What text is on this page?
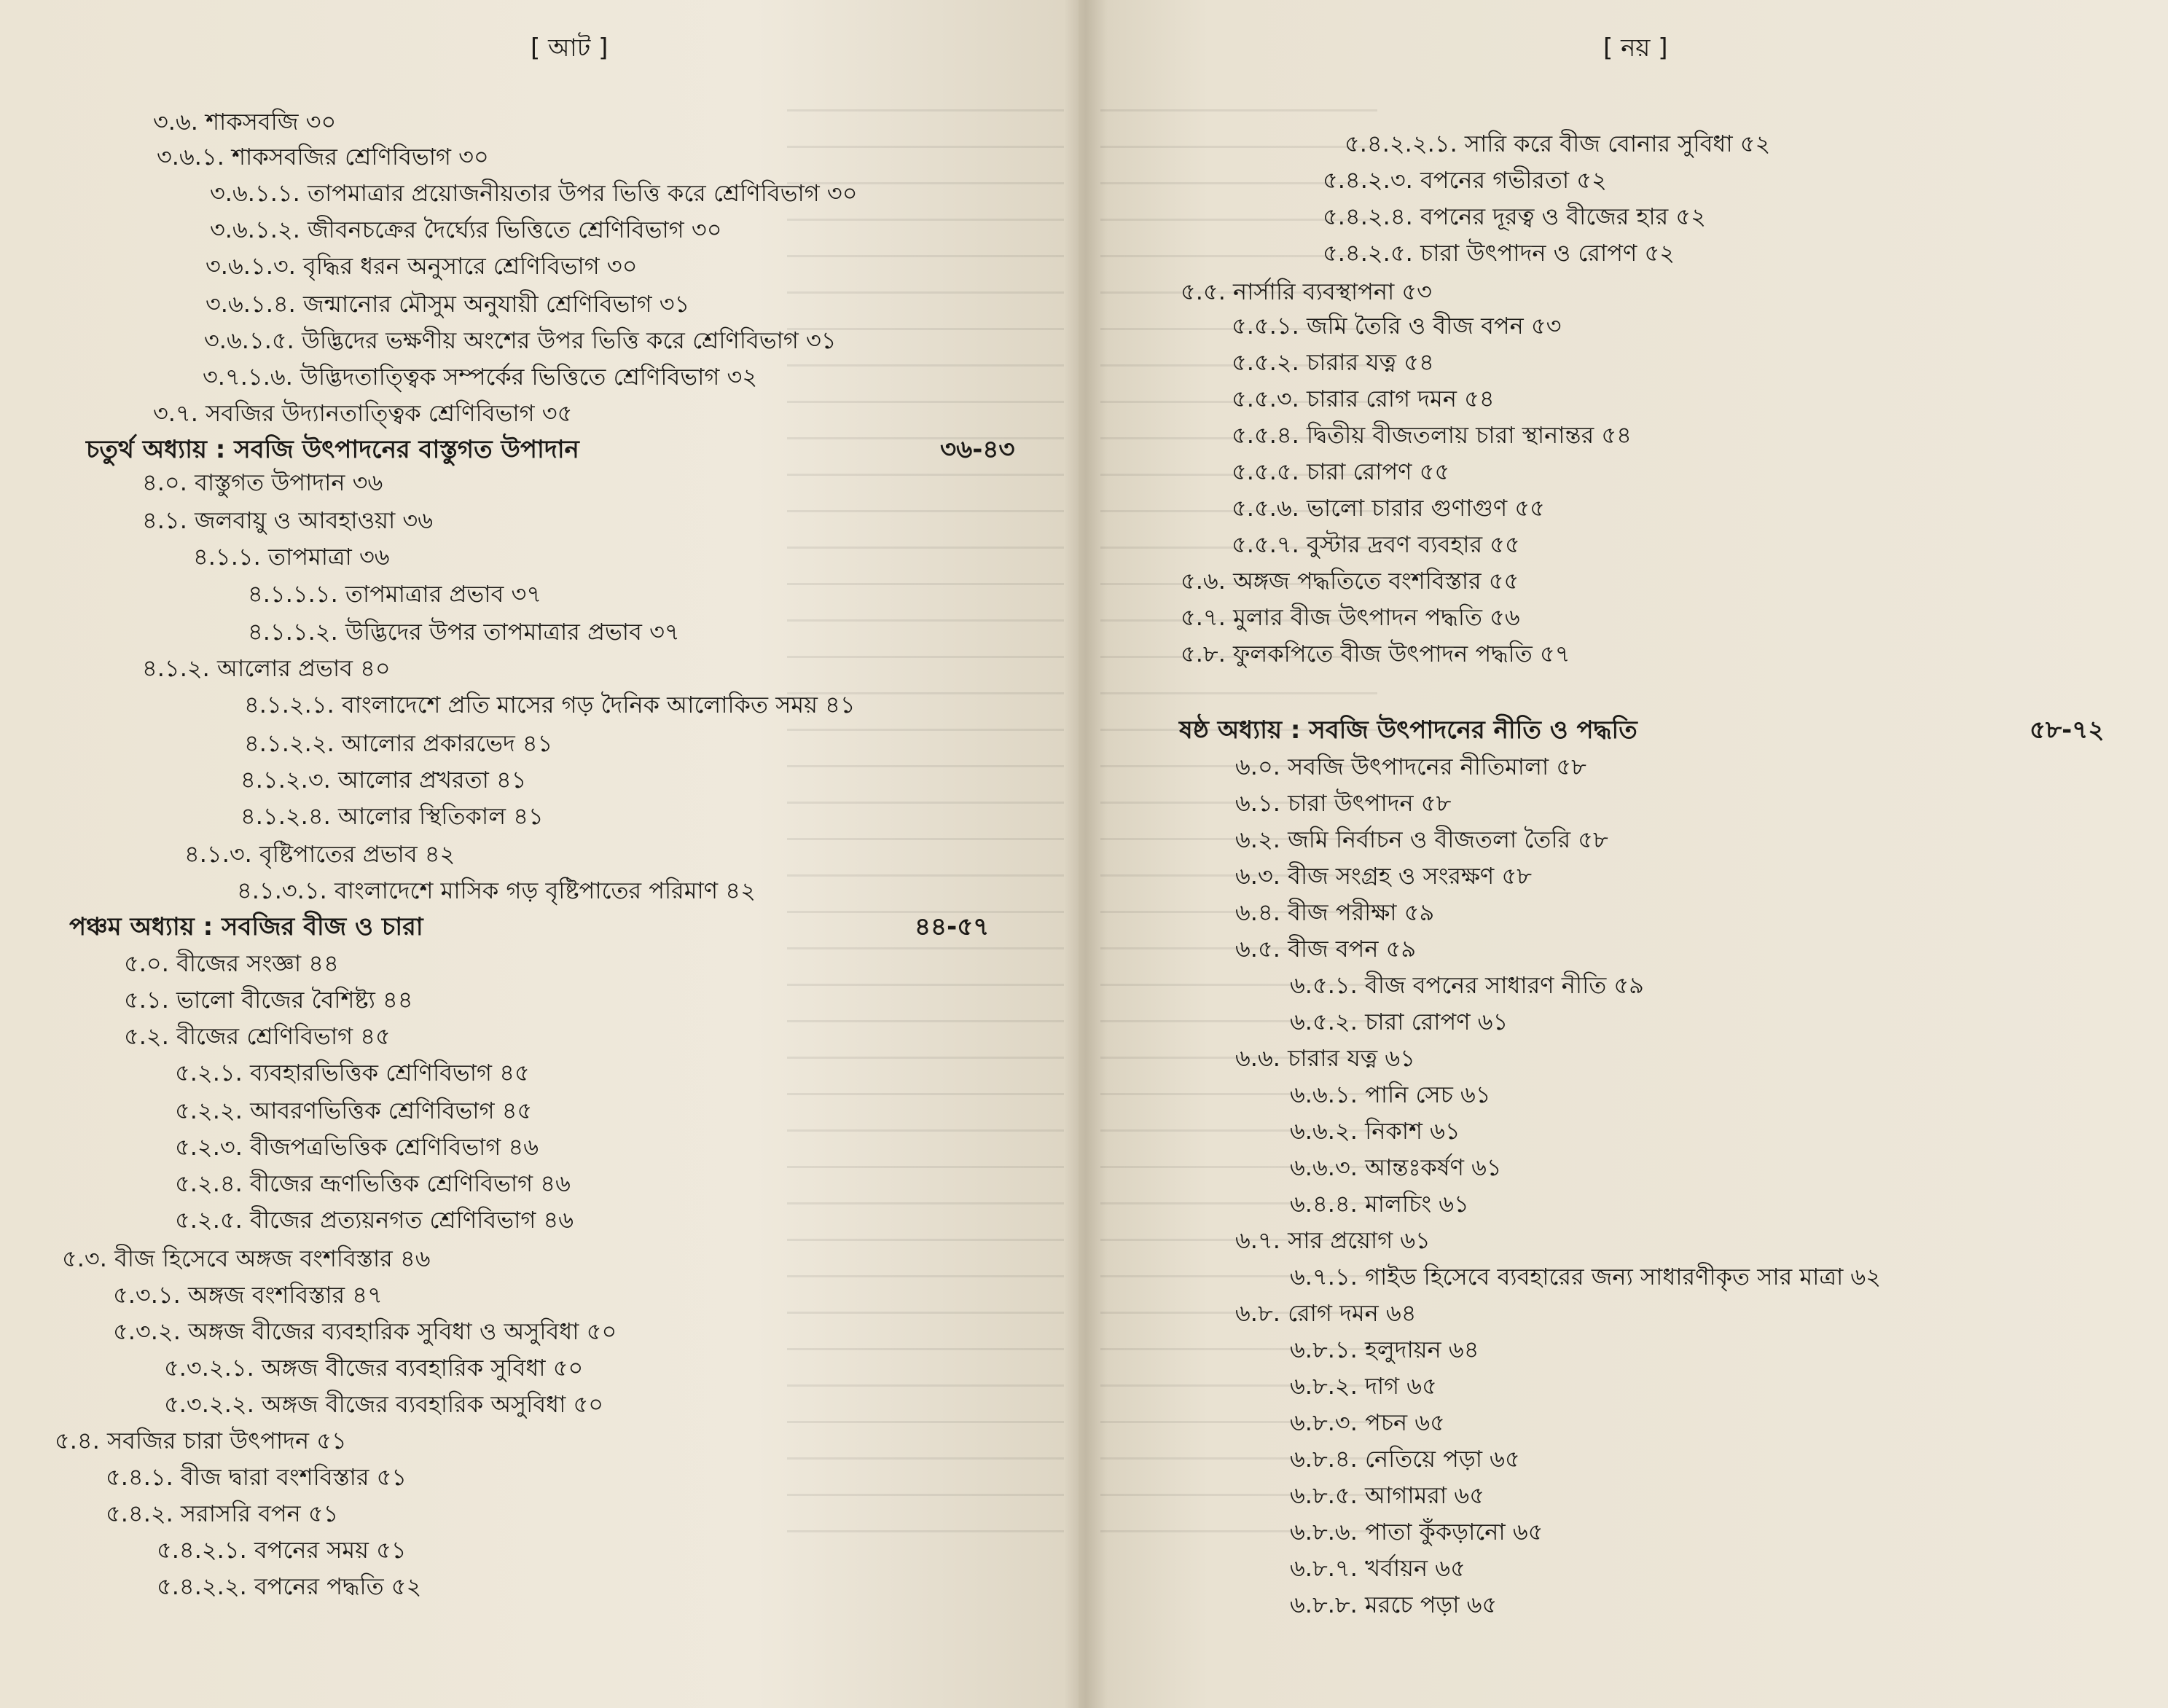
[ আট ]
৩.৬. শাকসবজি ৩০
৩.৬.১. শাকসবজির শ্রেণিবিভাগ ৩০
৩.৬.১.১. তাপমাত্রার প্রয়োজনীয়তার উপর ভিত্তি করে শ্রেণিবিভাগ ৩০
৩.৬.১.২. জীবনচক্রের দৈর্ঘ্যের ভিত্তিতে শ্রেণিবিভাগ ৩০
৩.৬.১.৩. বৃদ্ধির ধরন অনুসারে শ্রেণিবিভাগ ৩০
৩.৬.১.৪. জন্মানোর মৌসুম অনুযায়ী শ্রেণিবিভাগ ৩১
৩.৬.১.৫. উদ্ভিদের ভক্ষণীয় অংশের উপর ভিত্তি করে শ্রেণিবিভাগ ৩১
৩.৭.১.৬. উদ্ভিদতাত্ত্বিক সম্পর্কের ভিত্তিতে শ্রেণিবিভাগ ৩২
৩.৭. সবজির উদ্যানতাত্ত্বিক শ্রেণিবিভাগ ৩৫
চতুর্থ অধ্যায় : সবজি উৎপাদনের বাস্তুগত উপাদান	৩৬-৪৩
৪.০. বাস্তুগত উপাদান ৩৬
৪.১. জলবায়ু ও আবহাওয়া ৩৬
৪.১.১. তাপমাত্রা ৩৬
৪.১.১.১. তাপমাত্রার প্রভাব ৩৭
৪.১.১.২. উদ্ভিদের উপর তাপমাত্রার প্রভাব ৩৭
৪.১.২. আলোর প্রভাব ৪০
৪.১.২.১. বাংলাদেশে প্রতি মাসের গড় দৈনিক আলোকিত সময় ৪১
৪.১.২.২. আলোর প্রকারভেদ ৪১
৪.১.২.৩. আলোর প্রখরতা ৪১
৪.১.২.৪. আলোর স্থিতিকাল ৪১
৪.১.৩. বৃষ্টিপাতের প্রভাব ৪২
৪.১.৩.১. বাংলাদেশে মাসিক গড় বৃষ্টিপাতের পরিমাণ ৪২
পঞ্চম অধ্যায় : সবজির বীজ ও চারা	৪৪-৫৭
৫.০. বীজের সংজ্ঞা ৪৪
৫.১. ভালো বীজের বৈশিষ্ট্য ৪৪
৫.২. বীজের শ্রেণিবিভাগ ৪৫
৫.২.১. ব্যবহারভিত্তিক শ্রেণিবিভাগ ৪৫
৫.২.২. আবরণভিত্তিক শ্রেণিবিভাগ ৪৫
৫.২.৩. বীজপত্রভিত্তিক শ্রেণিবিভাগ ৪৬
৫.২.৪. বীজের ভ্রূণভিত্তিক শ্রেণিবিভাগ ৪৬
৫.২.৫. বীজের প্রত্যয়নগত শ্রেণিবিভাগ ৪৬
৫.৩. বীজ হিসেবে অঙ্গজ বংশবিস্তার ৪৬
৫.৩.১. অঙ্গজ বংশবিস্তার ৪৭
৫.৩.২. অঙ্গজ বীজের ব্যবহারিক সুবিধা ও অসুবিধা ৫০
৫.৩.২.১. অঙ্গজ বীজের ব্যবহারিক সুবিধা ৫০
৫.৩.২.২. অঙ্গজ বীজের ব্যবহারিক অসুবিধা ৫০
৫.৪. সবজির চারা উৎপাদন ৫১
৫.৪.১. বীজ দ্বারা বংশবিস্তার ৫১
৫.৪.২. সরাসরি বপন ৫১
৫.৪.২.১. বপনের সময় ৫১
৫.৪.২.২. বপনের পদ্ধতি ৫২
[ নয় ]
৫.৪.২.২.১. সারি করে বীজ বোনার সুবিধা ৫২
৫.৪.২.৩. বপনের গভীরতা ৫২
৫.৪.২.৪. বপনের দূরত্ব ও বীজের হার ৫২
৫.৪.২.৫. চারা উৎপাদন ও রোপণ ৫২
৫.৫. নার্সারি ব্যবস্থাপনা ৫৩
৫.৫.১. জমি তৈরি ও বীজ বপন ৫৩
৫.৫.২. চারার যত্ন ৫৪
৫.৫.৩. চারার রোগ দমন ৫৪
৫.৫.৪. দ্বিতীয় বীজতলায় চারা স্থানান্তর ৫৪
৫.৫.৫. চারা রোপণ ৫৫
৫.৫.৬. ভালো চারার গুণাগুণ ৫৫
৫.৫.৭. বুস্টার দ্রবণ ব্যবহার ৫৫
৫.৬. অঙ্গজ পদ্ধতিতে বংশবিস্তার ৫৫
৫.৭. মুলার বীজ উৎপাদন পদ্ধতি ৫৬
৫.৮. ফুলকপিতে বীজ উৎপাদন পদ্ধতি ৫৭
ষষ্ঠ অধ্যায় : সবজি উৎপাদনের নীতি ও পদ্ধতি	৫৮-৭২
৬.০. সবজি উৎপাদনের নীতিমালা ৫৮
৬.১. চারা উৎপাদন ৫৮
৬.২. জমি নির্বাচন ও বীজতলা তৈরি ৫৮
৬.৩. বীজ সংগ্রহ ও সংরক্ষণ ৫৮
৬.৪. বীজ পরীক্ষা ৫৯
৬.৫. বীজ বপন ৫৯
৬.৫.১. বীজ বপনের সাধারণ নীতি ৫৯
৬.৫.২. চারা রোপণ ৬১
৬.৬. চারার যত্ন ৬১
৬.৬.১. পানি সেচ ৬১
৬.৬.২. নিকাশ ৬১
৬.৬.৩. আন্তঃকর্ষণ ৬১
৬.৪.৪. মালচিং ৬১
৬.৭. সার প্রয়োগ ৬১
৬.৭.১. গাইড হিসেবে ব্যবহারের জন্য সাধারণীকৃত সার মাত্রা ৬২
৬.৮. রোগ দমন ৬৪
৬.৮.১. হলুদায়ন ৬৪
৬.৮.২. দাগ ৬৫
৬.৮.৩. পচন ৬৫
৬.৮.৪. নেতিয়ে পড়া ৬৫
৬.৮.৫. আগামরা ৬৫
৬.৮.৬. পাতা কুঁকড়ানো ৬৫
৬.৮.৭. খর্বায়ন ৬৫
৬.৮.৮. মরচে পড়া ৬৫
